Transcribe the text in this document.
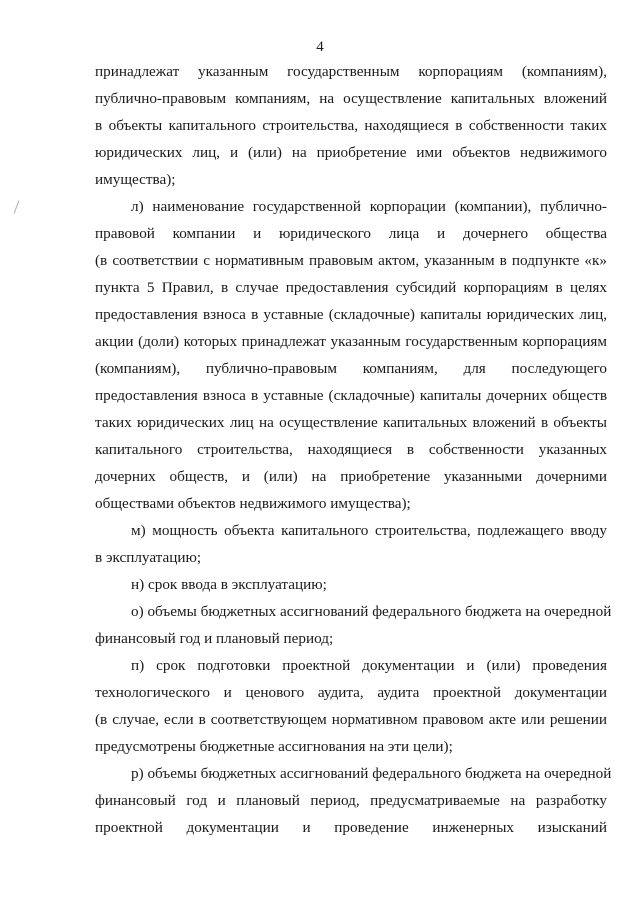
4
принадлежат указанным государственным корпорациям (компаниям),
публично-правовым компаниям, на осуществление капитальных вложений
в объекты капитального строительства, находящиеся в собственности таких
юридических лиц, и (или) на приобретение ими объектов недвижимого
имущества);
л) наименование государственной корпорации (компании), публично-
правовой компании и юридического лица и дочернего общества
(в соответствии с нормативным правовым актом, указанным в подпункте «к»
пункта 5 Правил, в случае предоставления субсидий корпорациям в целях
предоставления взноса в уставные (складочные) капиталы юридических лиц,
акции (доли) которых принадлежат указанным государственным корпорациям
(компаниям), публично-правовым компаниям, для последующего
предоставления взноса в уставные (складочные) капиталы дочерних обществ
таких юридических лиц на осуществление капитальных вложений в объекты
капитального строительства, находящиеся в собственности указанных
дочерних обществ, и (или) на приобретение указанными дочерними
обществами объектов недвижимого имущества);
м) мощность объекта капитального строительства, подлежащего вводу
в эксплуатацию;
н) срок ввода в эксплуатацию;
о) объемы бюджетных ассигнований федерального бюджета на очередной
финансовый год и плановый период;
п) срок подготовки проектной документации и (или) проведения
технологического и ценового аудита, аудита проектной документации
(в случае, если в соответствующем нормативном правовом акте или решении
предусмотрены бюджетные ассигнования на эти цели);
р) объемы бюджетных ассигнований федерального бюджета на очередной
финансовый год и плановый период, предусматриваемые на разработку
проектной документации и проведение инженерных изысканий
